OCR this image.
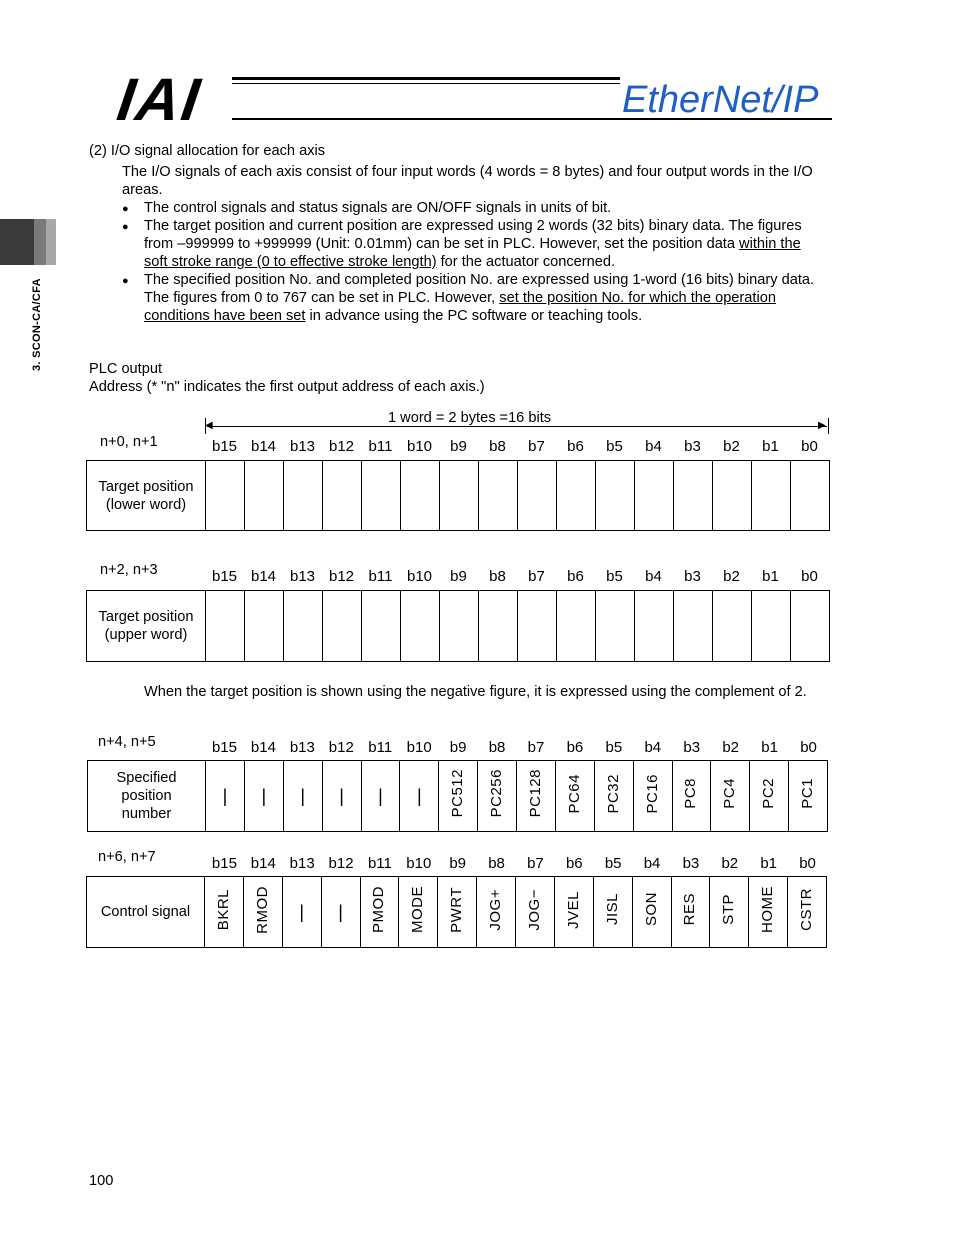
IAI	EtherNet/IP
3. SCON-CA/CFA
(2) I/O signal allocation for each axis
The I/O signals of each axis consist of four input words (4 words = 8 bytes) and four output words in the I/O
areas.
● The control signals and status signals are ON/OFF signals in units of bit.
● The target position and current position are expressed using 2 words (32 bits) binary data. The figures
from –999999 to +999999 (Unit: 0.01mm) can be set in PLC. However, set the position data within the
soft stroke range (0 to effective stroke length) for the actuator concerned.
● The specified position No. and completed position No. are expressed using 1-word (16 bits) binary data.
The figures from 0 to 767 can be set in PLC. However, set the position No. for which the operation
conditions have been set in advance using the PC software or teaching tools.
PLC output
Address (* "n" indicates the first output address of each axis.)
1 word = 2 bytes =16 bits
◀	▶
n+0, n+1	b15 b14 b13 b12 b11 b10	b9	b8	b7	b6	b5	b4	b3	b2	b1	b0
Target position
(lower word)																
n+2, n+3	b15 b14 b13 b12 b11 b10	b9	b8	b7	b6	b5	b4	b3	b2	b1	b0
Target position
(upper word)																
When the target position is shown using the negative figure, it is expressed using the complement of 2.
n+4, n+5	b15 b14 b13 b12 b11 b10	b9	b8	b7	b6	b5	b4	b3	b2	b1	b0
Specified
position
number	|	|	|	|	|	|	PC512	PC256	PC128	PC64	PC32	PC16	PC8	PC4	PC2	PC1
n+6, n+7	b15 b14 b13 b12 b11 b10	b9	b8	b7	b6	b5	b4	b3	b2	b1	b0
Control signal	BKRL	RMOD	|	|	PMOD	MODE	PWRT	JOG+	JOG−	JVEL	JISL	SON	RES	STP	HOME	CSTR
100
